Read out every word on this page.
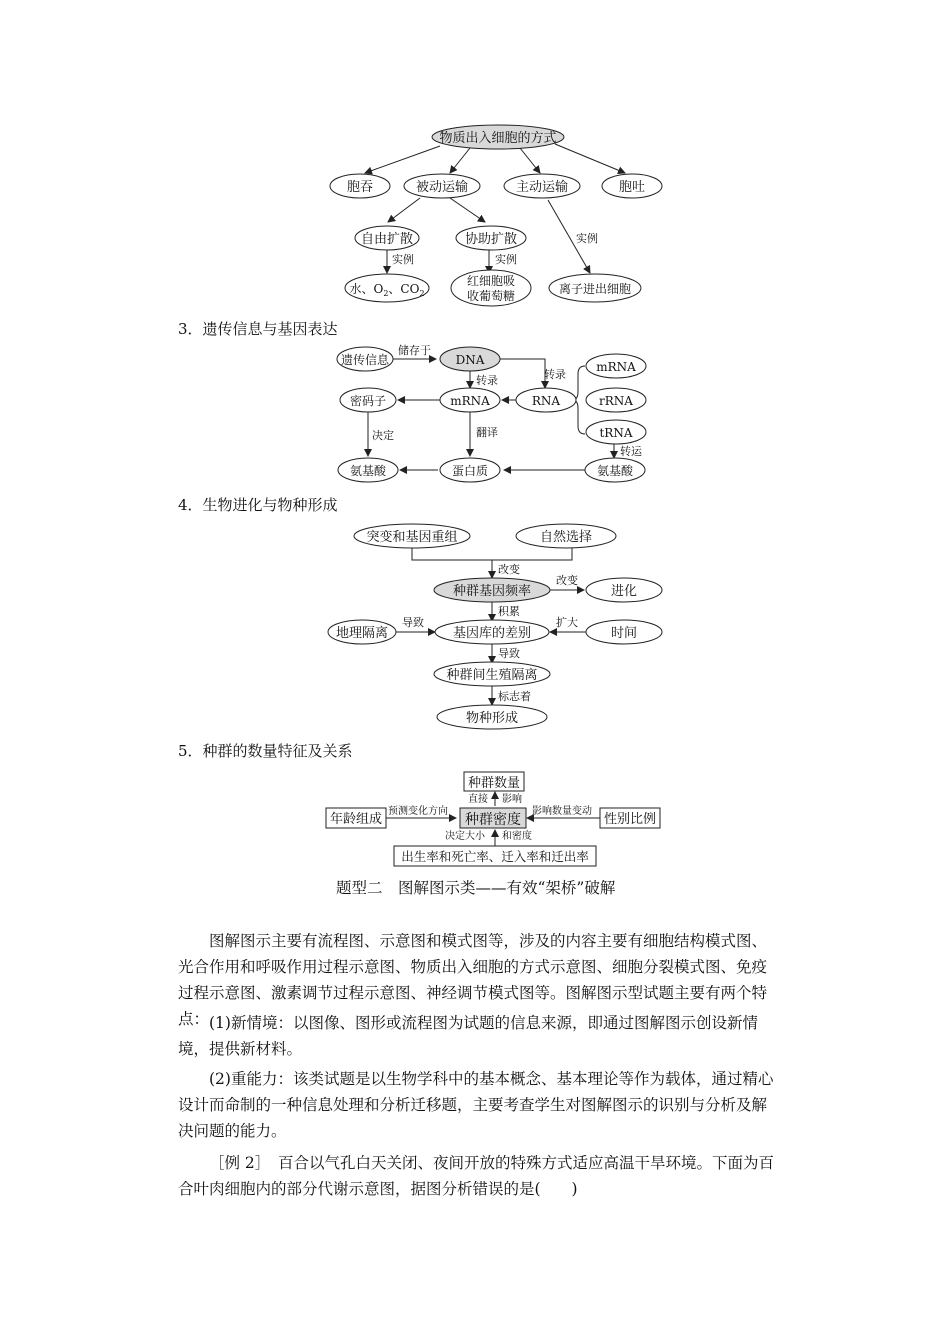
物质出入细胞的方式
胞吞	被动运输	主动运输	胞吐
自由扩散	协助扩散
实例	实例
实例
水、$O_2$、$CO_2$
红细胞吸
收葡萄糖	离子进出细胞
3．遗传信息与基因表达
遗传信息
储存于
DNA
转录	转录
mRNA	RNA
mRNA
rRNA
tRNA
密码子
决定	翻译
转运
氨基酸	蛋白质	氨基酸
4．生物进化与物种形成
突变和基因重组	自然选择
改变
种群基因频率
改变
进化
积累
地理隔离
导致
基因库的差别
扩大
时间
导致
种群间生殖隔离
标志着
物种形成
5．种群的数量特征及关系
种群数量
直接 影响
年龄组成
预测变化方向
种群密度
影响数量变动
性别比例
决定大小 和密度
出生率和死亡率、迁入率和迁出率
题型二　图解图示类——有效“架桥”破解
图解图示主要有流程图、示意图和模式图等，涉及的内容主要有细胞结构模式图、光合作用和呼吸作用过程示意图、物质出入细胞的方式示意图、细胞分裂模式图、免疫过程示意图、激素调节过程示意图、神经调节模式图等。图解图示型试题主要有两个特点： (1)新情境：以图像、图形或流程图为试题的信息来源，即通过图解图示创设新情境，提供新材料。
(2)重能力：该类试题是以生物学科中的基本概念、基本理论等作为载体，通过精心设计而命制的一种信息处理和分析迁移题，主要考查学生对图解图示的识别与分析及解决问题的能力。
［例 2］　百合以气孔白天关闭、夜间开放的特殊方式适应高温干旱环境。下面为百合叶肉细胞内的部分代谢示意图，据图分析错误的是(　　)
